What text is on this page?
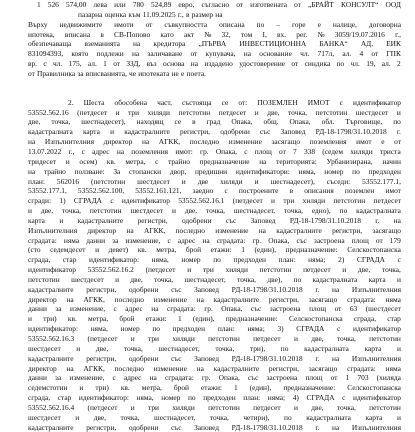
1 526 574,00 лева или 780 524,89 евро, съгласно от изготвената от „БРАЙТ КОНСУЛТ“ ООД
пазарна оценка към 11.09.2025 г., в размер на
Върху недвижимите имоти от съвкупността описана по – горе е налице, договорна
ипотека, вписана в СВ-Попово като акт № 32, том I, вх. рег. № 3059/19.07.2016 г.,
обезпечаваща вземанията на кредитора „ПЪРВА ИНВЕСТИЦИОННА БАНКА“ АД, ЕИК
831094393, която подлежи на заличаване от купувача, на основание чл. 717л, ал. 4 от ГПК
вр. с чл. 175, ал. 1 от ЗЗД, въз основа на издадено удостоверение от синдика по чл. 19, ал. 2
от Правилника за вписванията, че ипотеката не е поета.
2. Шеста обособена част, състояща се от: ПОЗЕМЛЕН ИМОТ с идентификатор
53552.562.16 (петдесет и три хиляди петстотин петдесет и две, точка, петстотин шестдесет и
две, точка, шестнадесет), находящ се в град Опака, общ. Опака, обл. Търговище, по
кадастралната карта и кадастралните регистри, одобрени със Заповед РД-18-1798/31.10.2018 г.
на Изпълнителния директор на АГКК, последно изменение засягащо поземления имот е от
13.07.2022 г., с адрес на поземления имот: гр. Опака, с площ от 7 338 (седем хиляди триста
тридесет и осем) кв. метра, с трайно предназначение на територията: Урбанизирана, начин
на трайно ползване: За стопански двор, предишни идентификатори: няма, номер по предходен
план: 562016 (петстотин шестдесет и две хиляди и шестнадесет), съседи: 53552.177.1,
53552.177.1, 53552.562.100, 53552.161.121, заедно с построените в описания поземлен имот
сгради: 1) СГРАДА с идентификатор 53552.562.16.1 (петдесет и три хиляди петстотин петдесет
и две, точка, петстотин шестдесет и две, точка, шестнадесет, точка, едно), по кадастралната
карта и кадастралните регистри, одобрени със Заповед РД-18-1798/31.10.2018 г. на
Изпълнителния директор на АГКК, последно изменение на кадастралните регистри, засягащо
сградата: няма данни за изменение, с адрес на сградата: гр. Опака, със застроена площ от 179
(сто седемдесет и девет) кв. метра, брой етажи: 1 (един), предназначение: Селскостопанска
сграда, стар идентификатор: няма, номер по предходен план: няма; 2) СГРАДА с
идентификатор 53552.562.16.2 (петдесет и три хиляди петстотин петдесет и две, точка,
петстотин шестдесет и две, точка, шестнадесет, точка, две), по кадастралната карта и
кадастралните регистри, одобрени със Заповед РД-18-1798/31.10.2018 г. на Изпълнителния
директор на АГКК, последно изменение на кадастралните регистри, засягащо сградата: няма
данни за изменение, с адрес на сградата: гр. Опака, със застроена площ от 63 (шестдесет
и три) кв. метра, брой етажи: 1 (един), предназначение: Селскостопанска сграда, стар
идентификатор: няма, номер по предходен план: няма; 3) СГРАДА с идентификатор
53552.562.16.3 (петдесет и три хиляди петстотин петдесет и две, точка, петстотин
шестдесет и две, точка, шестнадесет, точка, три), по кадастралната карта и
кадастралните регистри, одобрени със Заповед РД-18-1798/31.10.2018 г. на Изпълнителния
директор на АГКК, последно изменение на кадастралните регистри, засягащо сградата: няма
данни за изменение, с адрес на сградата: гр. Опака, със застроена площ от 1 703 (хиляда
седемстотин и три) кв. метра, брой етажи: 1 (един), предназначение: Селскостопанска
сграда, стар идентификатор: няма, номер по предходен план: няма; 4) СГРАДА с идентификатор
53552.562.16.4 (петдесет и три хиляди петстотин петдесет и две, точка, петстотин
шестдесет и две, точка, шестнадесет, точка, четири), по кадастралната карта и
кадастралните регистри, одобрени със Заповед РД-18-1798/31.10.2018 г. на Изпълнителния
